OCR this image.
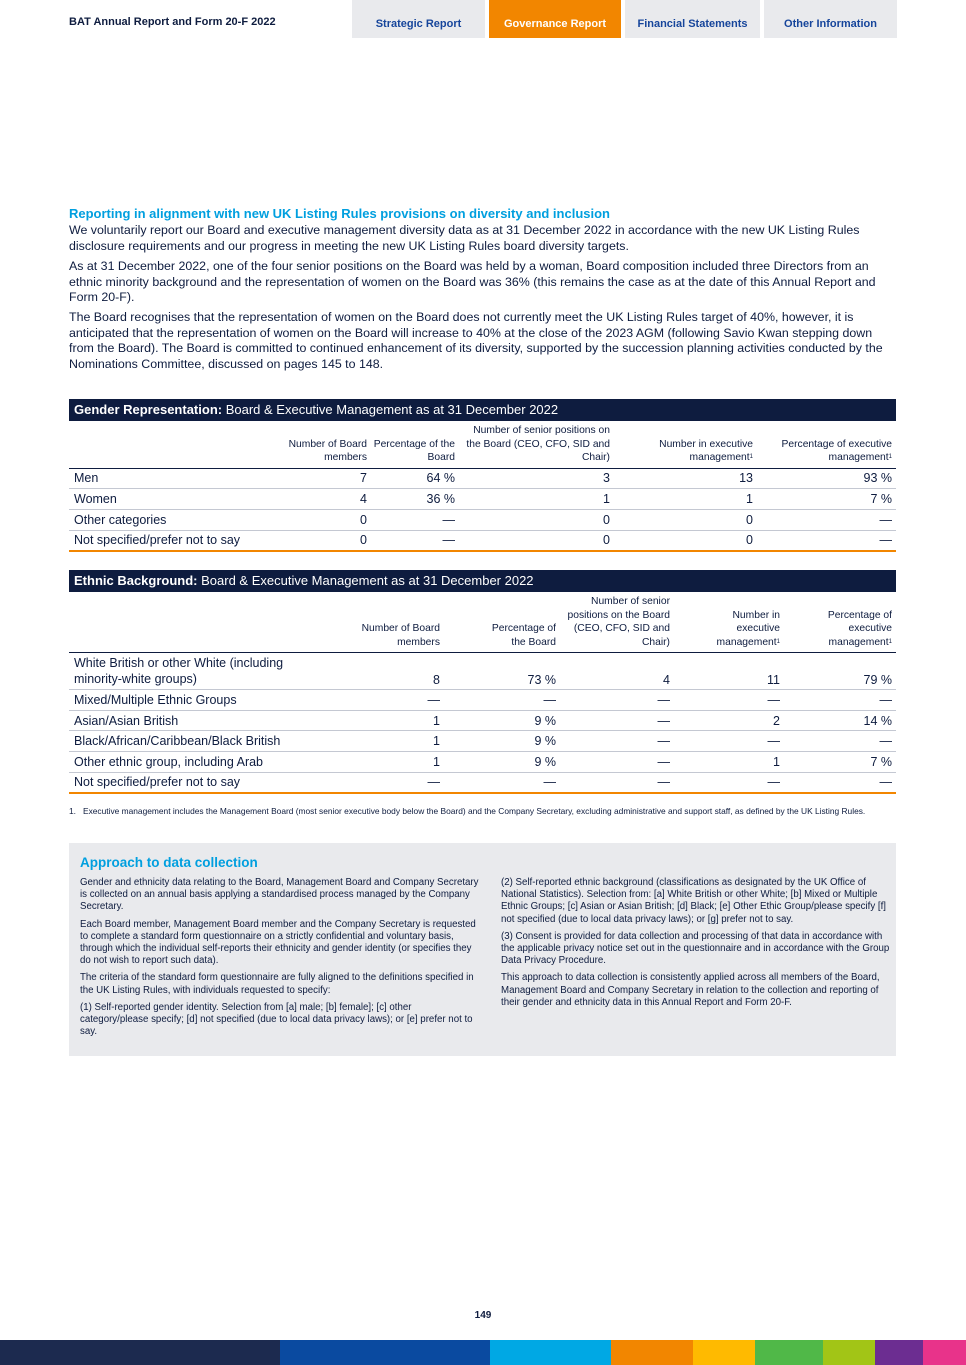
BAT Annual Report and Form 20-F 2022	Strategic Report	Governance Report	Financial Statements	Other Information
Reporting in alignment with new UK Listing Rules provisions on diversity and inclusion

We voluntarily report our Board and executive management diversity data as at 31 December 2022 in accordance with the new UK Listing Rules disclosure requirements and our progress in meeting the new UK Listing Rules board diversity targets.

As at 31 December 2022, one of the four senior positions on the Board was held by a woman, Board composition included three Directors from an ethnic minority background and the representation of women on the Board was 36% (this remains the case as at the date of this Annual Report and Form 20-F).

The Board recognises that the representation of women on the Board does not currently meet the UK Listing Rules target of 40%, however, it is anticipated that the representation of women on the Board will increase to 40% at the close of the 2023 AGM (following Savio Kwan stepping down from the Board). The Board is committed to continued enhancement of its diversity, supported by the succession planning activities conducted by the Nominations Committee, discussed on pages 145 to 148.

Gender Representation: Board & Executive Management as at 31 December 2022
	Number of Board members	Percentage of the Board	Number of senior positions on the Board (CEO, CFO, SID and Chair)	Number in executive management$^1$	Percentage of executive management$^1$
Men	7	64 %	3	13	93 %
Women	4	36 %	1	1	7 %
Other categories	0	—	0	0	—
Not specified/prefer not to say	0	—	0	0	—
Ethnic Background: Board & Executive Management as at 31 December 2022
	Number of Board members	Percentage of the Board	Number of senior positions on the Board (CEO, CFO, SID and Chair)	Number in executive management$^1$	Percentage of executive management$^1$
White British or other White (including minority-white groups)	8	73 %	4	11	79 %
Mixed/Multiple Ethnic Groups	—	—	—	—	—
Asian/Asian British	1	9 %	—	2	14 %
Black/African/Caribbean/Black British	1	9 %	—	—	—
Other ethnic group, including Arab	1	9 %	—	1	7 %
Not specified/prefer not to say	—	—	—	—	—
1. Executive management includes the Management Board (most senior executive body below the Board) and the Company Secretary, excluding administrative and support staff, as defined by the UK Listing Rules.
Approach to data collection

Gender and ethnicity data relating to the Board, Management Board and Company Secretary is collected on an annual basis applying a standardised process managed by the Company Secretary.

Each Board member, Management Board member and the Company Secretary is requested to complete a standard form questionnaire on a strictly confidential and voluntary basis, through which the individual self-reports their ethnicity and gender identity (or specifies they do not wish to report such data).

The criteria of the standard form questionnaire are fully aligned to the definitions specified in the UK Listing Rules, with individuals requested to specify:

(1) Self-reported gender identity. Selection from [a] male; [b] female]; [c] other category/please specify; [d] not specified (due to local data privacy laws); or [e] prefer not to say.

(2) Self-reported ethnic background (classifications as designated by the UK Office of National Statistics). Selection from: [a] White British or other White; [b] Mixed or Multiple Ethnic Groups; [c] Asian or Asian British; [d] Black; [e] Other Ethic Group/please specify [f] not specified (due to local data privacy laws); or [g] prefer not to say.

(3) Consent is provided for data collection and processing of that data in accordance with the applicable privacy notice set out in the questionnaire and in accordance with the Group Data Privacy Procedure.

This approach to data collection is consistently applied across all members of the Board, Management Board and Company Secretary in relation to the collection and reporting of their gender and ethnicity data in this Annual Report and Form 20-F.

149
